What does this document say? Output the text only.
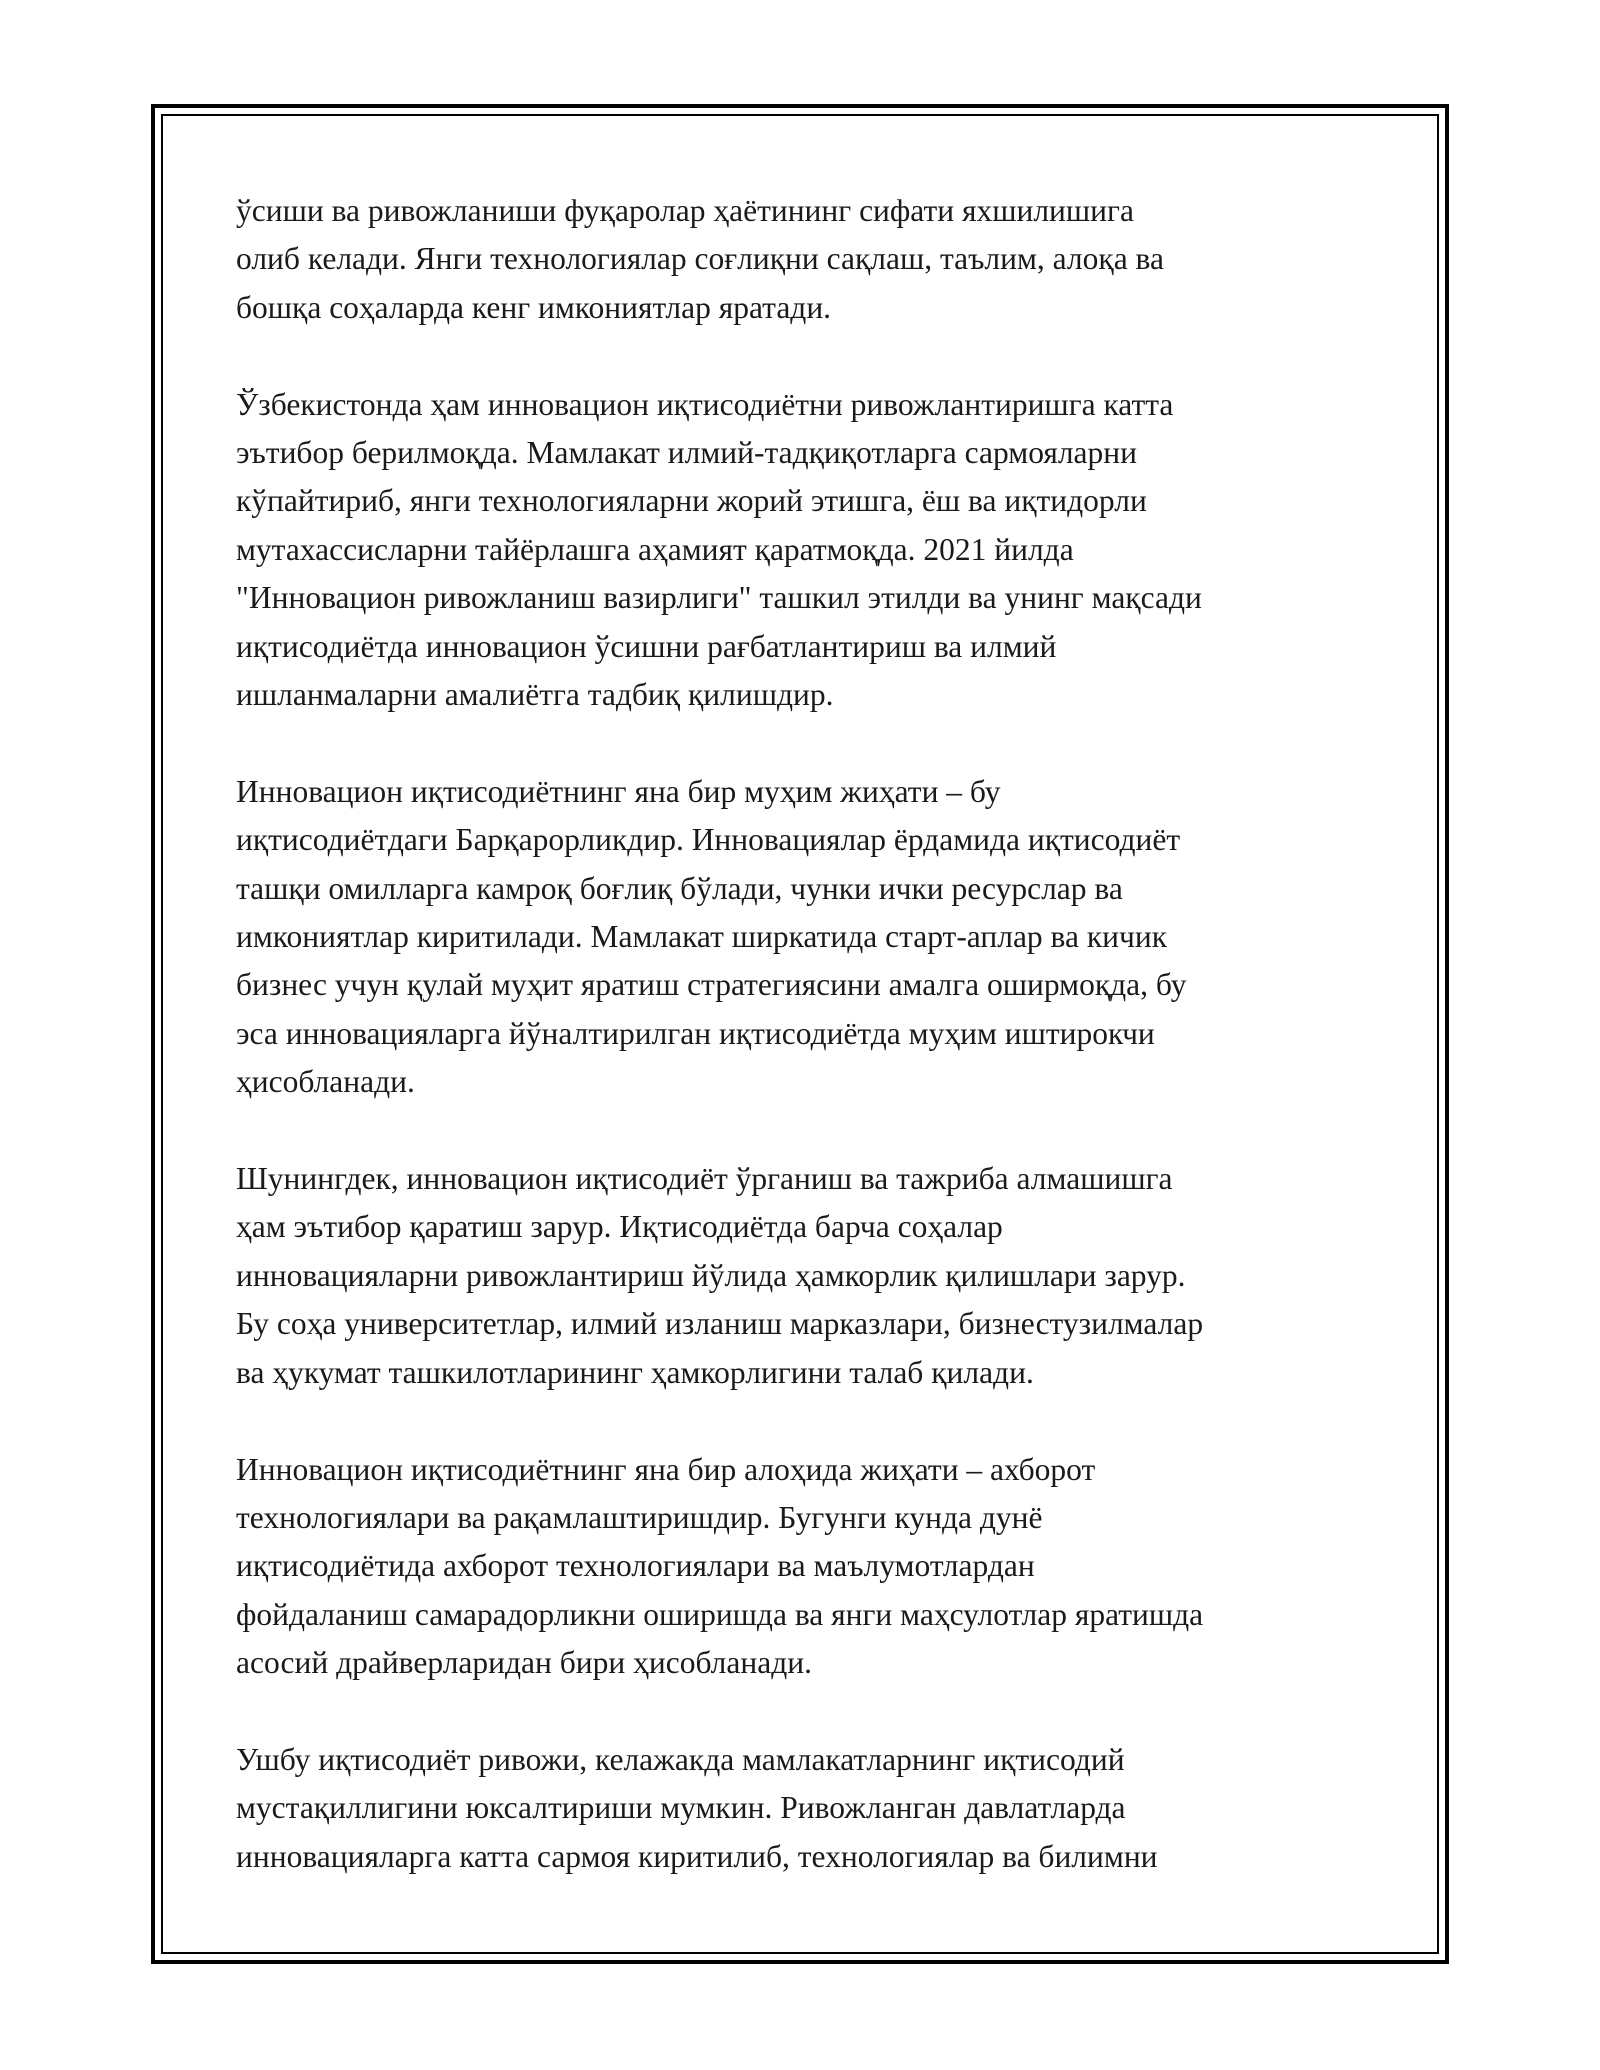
ўсиши ва ривожланиши фуқаролар ҳаётининг сифати яхшилишига
олиб келади. Янги технологиялар соғлиқни сақлаш, таълим, алоқа ва
бошқа соҳаларда кенг имкониятлар яратади.

Ўзбекистонда ҳам инновацион иқтисодиётни ривожлантиришга катта
эътибор берилмоқда. Мамлакат илмий-тадқиқотларга сармояларни
кўпайтириб, янги технологияларни жорий этишга, ёш ва иқтидорли
мутахассисларни тайёрлашга аҳамият қаратмоқда. 2021 йилда
"Инновацион ривожланиш вазирлиги" ташкил этилди ва унинг мақсади
иқтисодиётда инновацион ўсишни рағбатлантириш ва илмий
ишланмаларни амалиётга тадбиқ қилишдир.

Инновацион иқтисодиётнинг яна бир муҳим жиҳати – бу
иқтисодиётдаги Барқарорликдир. Инновациялар ёрдамида иқтисодиёт
ташқи омилларга камроқ боғлиқ бўлади, чунки ички ресурслар ва
имкониятлар киритилади. Мамлакат ширкатида старт-аплар ва кичик
бизнес учун қулай муҳит яратиш стратегиясини амалга оширмоқда, бу
эса инновацияларга йўналтирилган иқтисодиётда муҳим иштирокчи
ҳисобланади.

Шунингдек, инновацион иқтисодиёт ўрганиш ва тажриба алмашишга
ҳам эътибор қаратиш зарур. Иқтисодиётда барча соҳалар
инновацияларни ривожлантириш йўлида ҳамкорлик қилишлари зарур.
Бу соҳа университетлар, илмий изланиш марказлари, бизнестузилмалар
ва ҳукумат ташкилотларининг ҳамкорлигини талаб қилади.

Инновацион иқтисодиётнинг яна бир алоҳида жиҳати – ахборот
технологиялари ва рақамлаштиришдир. Бугунги кунда дунё
иқтисодиётида ахборот технологиялари ва маълумотлардан
фойдаланиш самарадорликни оширишда ва янги маҳсулотлар яратишда
асосий драйверларидан бири ҳисобланади.

Ушбу иқтисодиёт ривожи, келажакда мамлакатларнинг иқтисодий
мустақиллигини юксалтириши мумкин. Ривожланган давлатларда
инновацияларга катта сармоя киритилиб, технологиялар ва билимни
